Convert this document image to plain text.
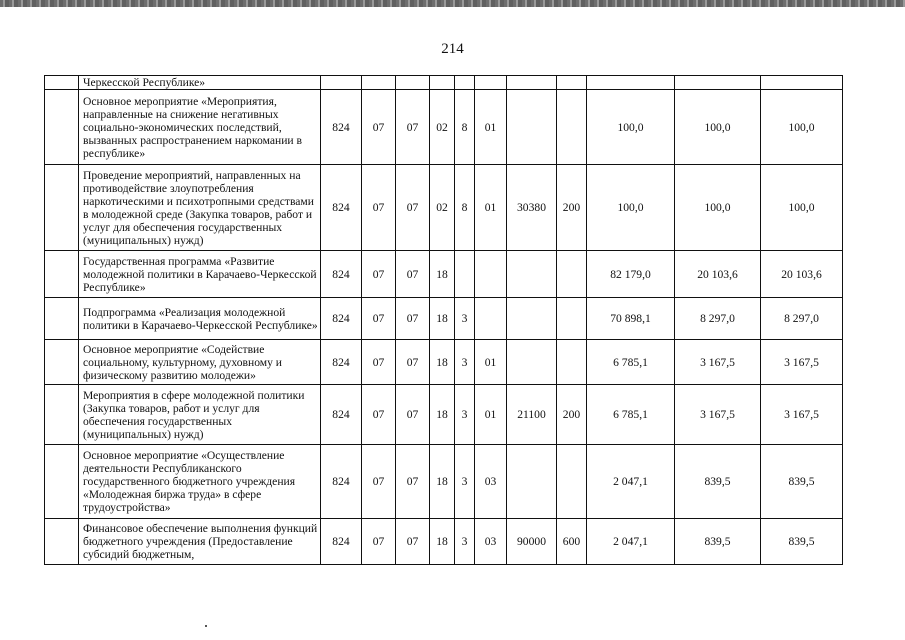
214
	Черкесской Республике»											
	Основное мероприятие «Мероприятия, направленные на снижение негативных социально-экономических последствий, вызванных распространением наркомании в республике»	824	07	07	02	8	01			100,0	100,0	100,0
	Проведение мероприятий, направленных на противодействие злоупотребления наркотическими и психотропными средствами в молодежной среде (Закупка товаров, работ и услуг для обеспечения государственных (муниципальных) нужд)	824	07	07	02	8	01	30380	200	100,0	100,0	100,0
	Государственная программа «Развитие молодежной политики в Карачаево-Черкесской Республике»	824	07	07	18					82 179,0	20 103,6	20 103,6
	Подпрограмма «Реализация молодежной политики в Карачаево-Черкесской Республике»	824	07	07	18	3				70 898,1	8 297,0	8 297,0
	Основное мероприятие «Содействие социальному, культурному, духовному и физическому развитию молодежи»	824	07	07	18	3	01			6 785,1	3 167,5	3 167,5
	Мероприятия в сфере молодежной политики (Закупка товаров, работ и услуг для обеспечения государственных (муниципальных) нужд)	824	07	07	18	3	01	21100	200	6 785,1	3 167,5	3 167,5
	Основное мероприятие «Осуществление деятельности Республиканского государственного бюджетного учреждения «Молодежная биржа труда» в сфере трудоустройства»	824	07	07	18	3	03			2 047,1	839,5	839,5
	Финансовое обеспечение выполнения функций бюджетного учреждения (Предоставление субсидий бюджетным,	824	07	07	18	3	03	90000	600	2 047,1	839,5	839,5
